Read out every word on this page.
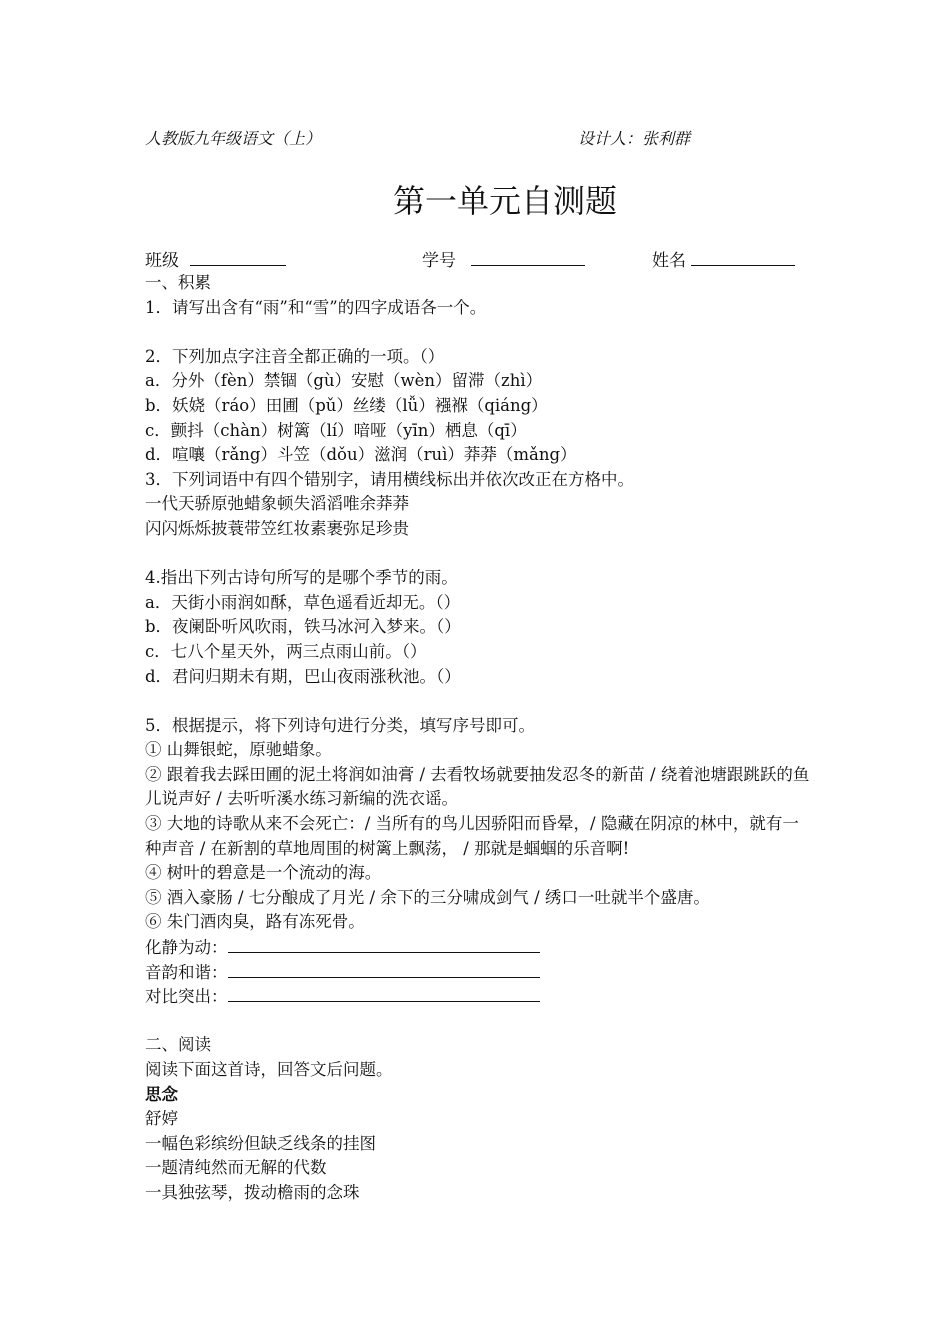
人教版九年级语文（上）	设计人：张利群
第一单元自测题
班级	学号	姓名
一、积累
1．请写出含有“雨”和“雪”的四字成语各一个。
2．下列加点字注音全都正确的一项。（）
a．分外（fèn）禁锢（gù）安慰（wèn）留滞（zhì）
b．妖娆（ráo）田圃（pǔ）丝缕（lǚ）襁褓（qiáng）
c．颤抖（chàn）树篱（lí）喑哑（yīn）栖息（qī）
d．喧嚷（rǎng）斗笠（dǒu）滋润（ruì）莽莽（mǎng）
3．下列词语中有四个错别字，请用横线标出并依次改正在方格中。
一代天骄原弛蜡象顿失滔滔唯余莽莽
闪闪烁烁披蓑带笠红妆素裹弥足珍贵
4.指出下列古诗句所写的是哪个季节的雨。
a．天街小雨润如酥，草色遥看近却无。（）
b．夜阑卧听风吹雨，铁马冰河入梦来。（）
c．七八个星天外，两三点雨山前。（）
d．君问归期未有期，巴山夜雨涨秋池。（）
5．根据提示，将下列诗句进行分类，填写序号即可。
① 山舞银蛇，原驰蜡象。
② 跟着我去踩田圃的泥土将润如油膏 / 去看牧场就要抽发忍冬的新苗 / 绕着池塘跟跳跃的鱼儿说声好 / 去听听溪水练习新编的洗衣谣。
③ 大地的诗歌从来不会死亡：/ 当所有的鸟儿因骄阳而昏晕，/ 隐藏在阴凉的林中，就有一种声音 / 在新割的草地周围的树篱上飘荡， / 那就是蝈蝈的乐音啊!
④ 树叶的碧意是一个流动的海。
⑤ 酒入豪肠 / 七分酿成了月光 / 余下的三分啸成剑气 / 绣口一吐就半个盛唐。
⑥ 朱门酒肉臭，路有冻死骨。
化静为动：
音韵和谐：
对比突出：
二、阅读
阅读下面这首诗，回答文后问题。
思念
舒婷
一幅色彩缤纷但缺乏线条的挂图
一题清纯然而无解的代数
一具独弦琴，拨动檐雨的念珠
